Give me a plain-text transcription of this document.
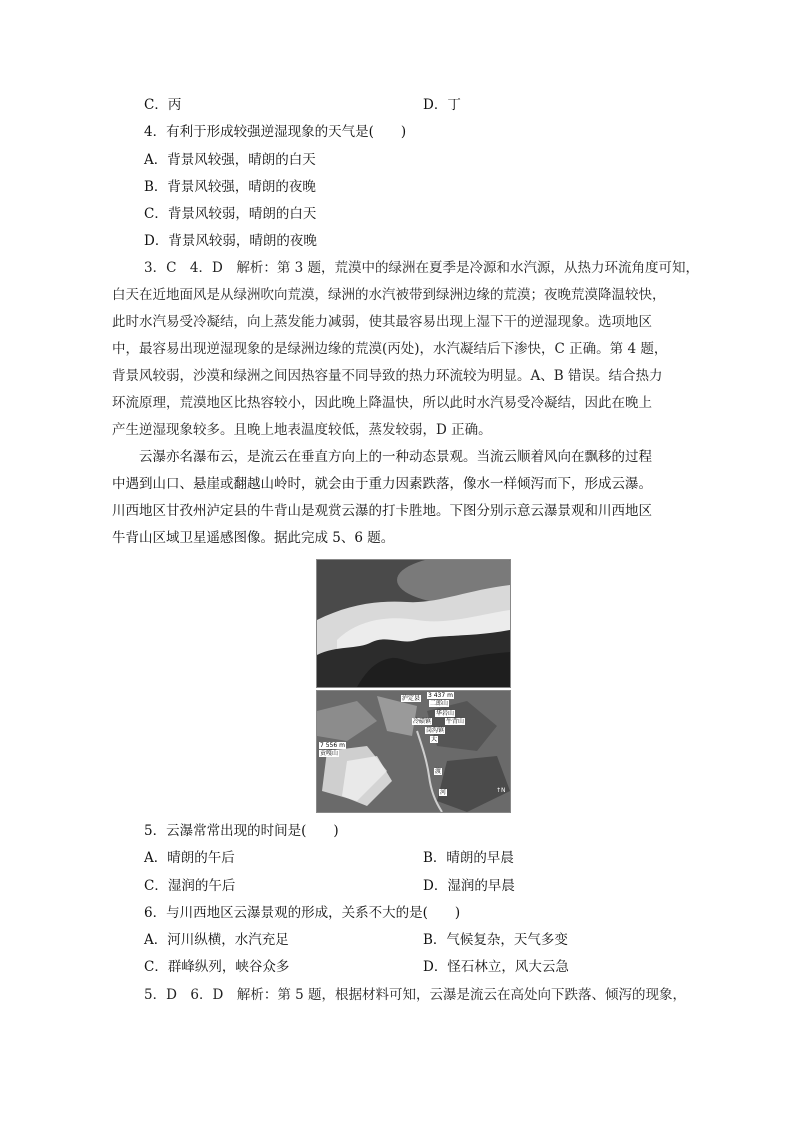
C．丙	D．丁
4．有利于形成较强逆湿现象的天气是(　　)
A．背景风较强，晴朗的白天
B．背景风较强，晴朗的夜晚
C．背景风较弱，晴朗的白天
D．背景风较弱，晴朗的夜晚
3．C　4．D　解析：第 3 题，荒漠中的绿洲在夏季是冷源和水汽源，从热力环流角度可知，
白天在近地面风是从绿洲吹向荒漠，绿洲的水汽被带到绿洲边缘的荒漠；夜晚荒漠降温较快，
此时水汽易受冷凝结，向上蒸发能力减弱，使其最容易出现上湿下干的逆湿现象。选项地区
中，最容易出现逆湿现象的是绿洲边缘的荒漠(丙处)，水汽凝结后下渗快，C 正确。第 4 题，
背景风较弱，沙漠和绿洲之间因热容量不同导致的热力环流较为明显。A、B 错误。结合热力
环流原理，荒漠地区比热容较小，因此晚上降温快，所以此时水汽易受冷凝结，因此在晚上
产生逆湿现象较多。且晚上地表温度较低，蒸发较弱，D 正确。
　　云瀑亦名瀑布云，是流云在垂直方向上的一种动态景观。当流云顺着风向在飘移的过程
中遇到山口、悬崖或翻越山岭时，就会由于重力因素跌落，像水一样倾泻而下，形成云瀑。
川西地区甘孜州泸定县的牛背山是观赏云瀑的打卡胜地。下图分别示意云瀑景观和川西地区
牛背山区域卫星遥感图像。据此完成 5、6 题。
泸定县 3 437 m
二郎山
华岩山
冷碛镇 牛背山
岗沟镇
7 556 m
贡嘎山
大
渡
河	↑N
5．云瀑常常出现的时间是(　　)
A．晴朗的午后	B．晴朗的早晨
C．湿润的午后	D．湿润的早晨
6．与川西地区云瀑景观的形成，关系不大的是(　　)
A．河川纵横，水汽充足	B．气候复杂，天气多变
C．群峰纵列，峡谷众多	D．怪石林立，风大云急
5．D　6．D　解析：第 5 题，根据材料可知，云瀑是流云在高处向下跌落、倾泻的现象，
